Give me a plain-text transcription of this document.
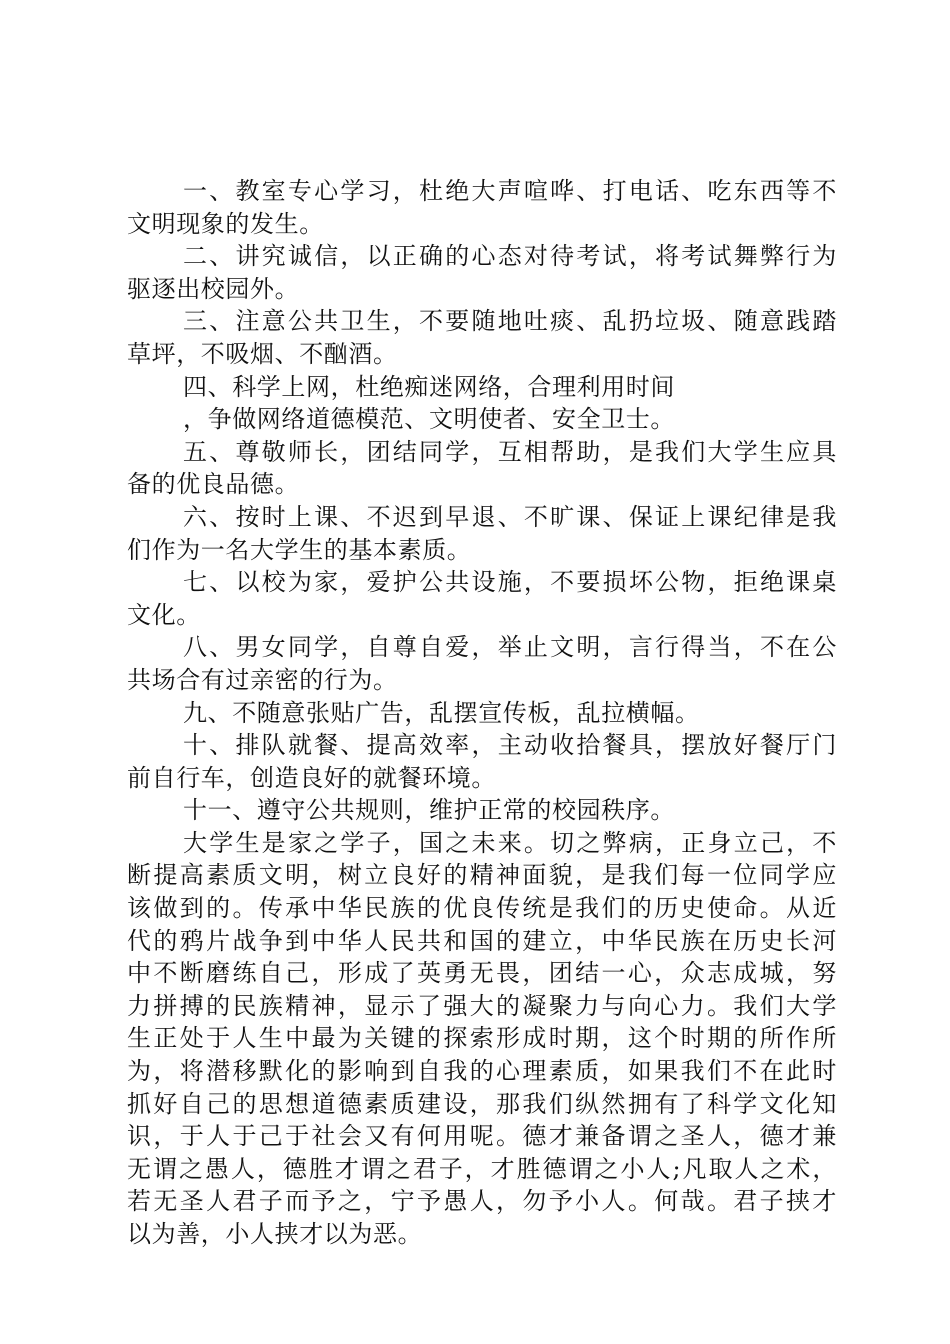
一、教室专心学习，杜绝大声喧哗、打电话、吃东西等不
文明现象的发生。
二、讲究诚信，以正确的心态对待考试，将考试舞弊行为
驱逐出校园外。
三、注意公共卫生，不要随地吐痰、乱扔垃圾、随意践踏
草坪，不吸烟、不酗酒。
四、科学上网，杜绝痴迷网络，合理利用时间
，争做网络道德模范、文明使者、安全卫士。
五、尊敬师长，团结同学，互相帮助，是我们大学生应具
备的优良品德。
六、按时上课、不迟到早退、不旷课、保证上课纪律是我
们作为一名大学生的基本素质。
七、以校为家，爱护公共设施，不要损坏公物，拒绝课桌
文化。
八、男女同学，自尊自爱，举止文明，言行得当，不在公
共场合有过亲密的行为。
九、不随意张贴广告，乱摆宣传板，乱拉横幅。
十、排队就餐、提高效率，主动收拾餐具，摆放好餐厅门
前自行车，创造良好的就餐环境。
十一、遵守公共规则，维护正常的校园秩序。
大学生是家之学子，国之未来。切之弊病，正身立己，不
断提高素质文明，树立良好的精神面貌，是我们每一位同学应
该做到的。传承中华民族的优良传统是我们的历史使命。从近
代的鸦片战争到中华人民共和国的建立，中华民族在历史长河
中不断磨练自己，形成了英勇无畏，团结一心，众志成城，努
力拼搏的民族精神，显示了强大的凝聚力与向心力。我们大学
生正处于人生中最为关键的探索形成时期，这个时期的所作所
为，将潜移默化的影响到自我的心理素质，如果我们不在此时
抓好自己的思想道德素质建设，那我们纵然拥有了科学文化知
识，于人于己于社会又有何用呢。德才兼备谓之圣人，德才兼
无谓之愚人，德胜才谓之君子，才胜德谓之小人;凡取人之术，
若无圣人君子而予之，宁予愚人，勿予小人。何哉。君子挟才
以为善，小人挟才以为恶。
